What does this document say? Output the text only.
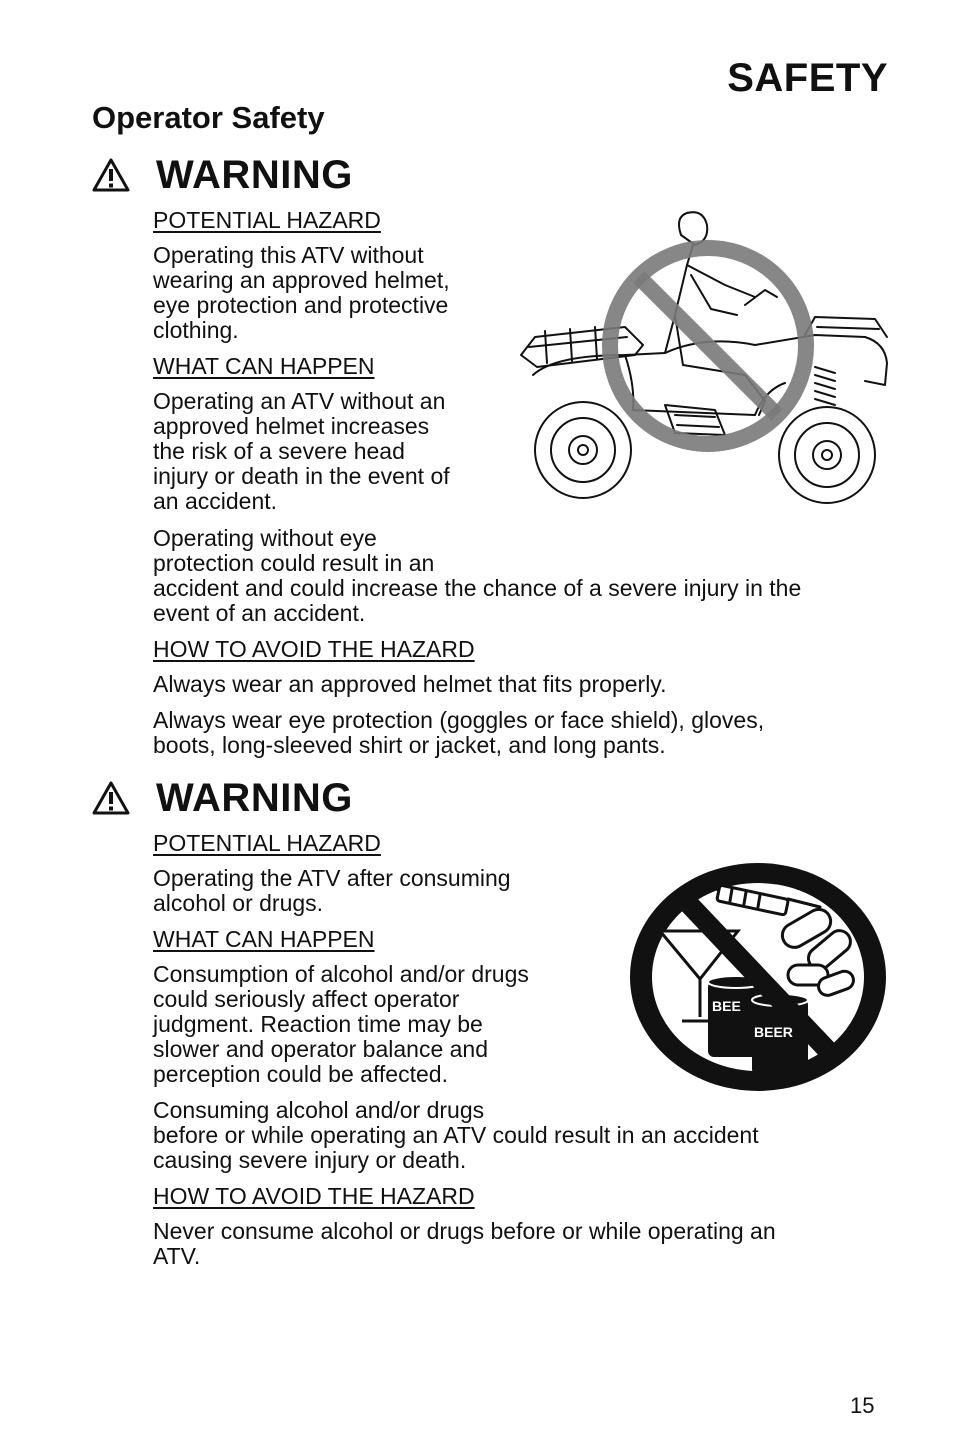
SAFETY
Operator Safety
WARNING
POTENTIAL HAZARD
Operating this ATV without
wearing an approved helmet,
eye protection and protective
clothing.
WHAT CAN HAPPEN
Operating an ATV without an
approved helmet increases
the risk of a severe head
injury or death in the event of
an accident.
Operating without eye
protection could result in an
accident and could increase the chance of a severe injury in the
event of an accident.
HOW TO AVOID THE HAZARD
Always wear an approved helmet that fits properly.
Always wear eye protection (goggles or face shield), gloves,
boots, long-sleeved shirt or jacket, and long pants.
WARNING
POTENTIAL HAZARD
Operating the ATV after consuming
alcohol or drugs.
WHAT CAN HAPPEN
Consumption of alcohol and/or drugs
could seriously affect operator
judgment. Reaction time may be
slower and operator balance and
perception could be affected.
Consuming alcohol and/or drugs
before or while operating an ATV could result in an accident
causing severe injury or death.
HOW TO AVOID THE HAZARD
Never consume alcohol or drugs before or while operating an
ATV.
BEE
BEER
15
